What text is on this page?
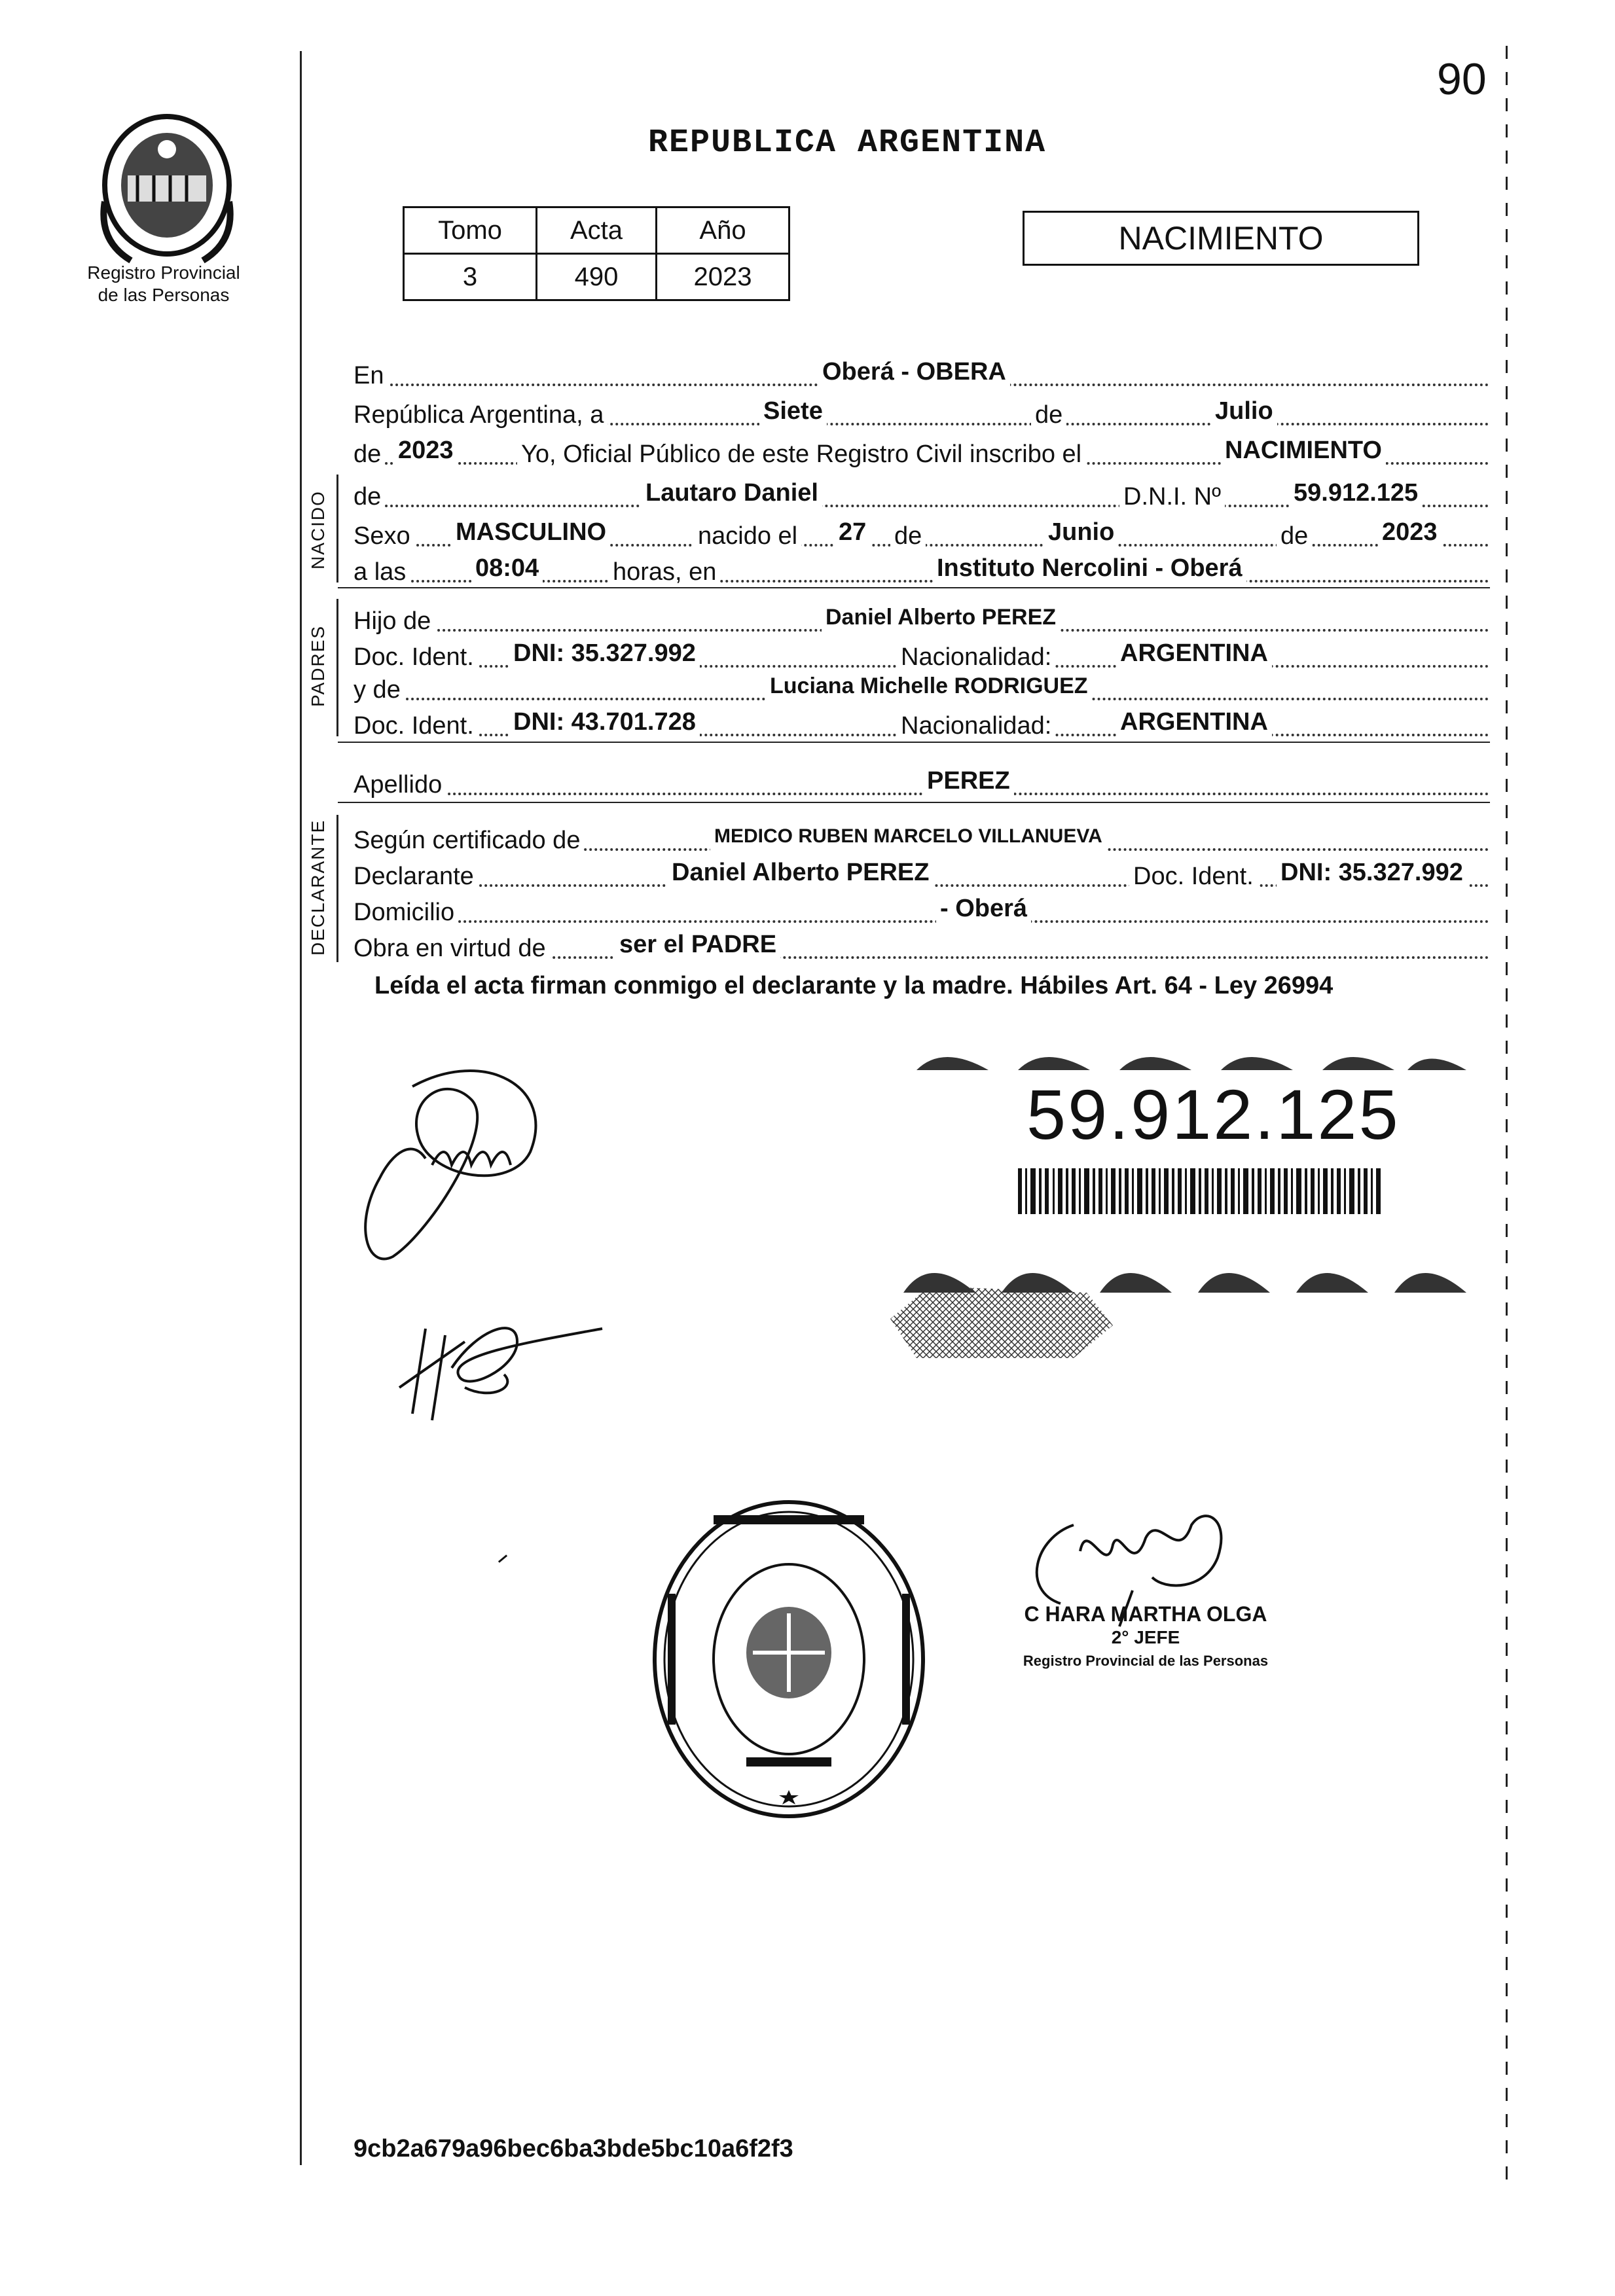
90
Registro Provincial
de las Personas
REPUBLICA ARGENTINA
Tomo	Acta	Año
3	490	2023
NACIMIENTO
En	Oberá - OBERA
República Argentina, a	Siete	de	Julio
de 2023	Yo, Oficial Público de este Registro Civil inscribo el	NACIMIENTO
NACIDO de	Lautaro Daniel	D.N.I. Nº	59.912.125
Sexo MASCULINO	nacido el 27 de	Junio	de	2023
a las	08:04	horas, en	Instituto Nercolini - Oberá
PADRES
Hijo de	Daniel Alberto PEREZ
Doc. Ident. DNI: 35.327.992	Nacionalidad:	ARGENTINA
y de	Luciana Michelle RODRIGUEZ
Doc. Ident. DNI: 43.701.728	Nacionalidad:	ARGENTINA
Apellido	PEREZ
DECLARANTE Según certificado de	MEDICO RUBEN MARCELO VILLANUEVA
Declarante	Daniel Alberto PEREZ	Doc. Ident. DNI: 35.327.992
Domicilio	- Oberá
Obra en virtud de	ser el PADRE
Leída el acta firman conmigo el declarante y la madre. Hábiles Art. 64 - Ley 26994
59.912.125
C HARA MARTHA OLGA
2° JEFE
Registro Provincial de las Personas
9cb2a679a96bec6ba3bde5bc10a6f2f3
